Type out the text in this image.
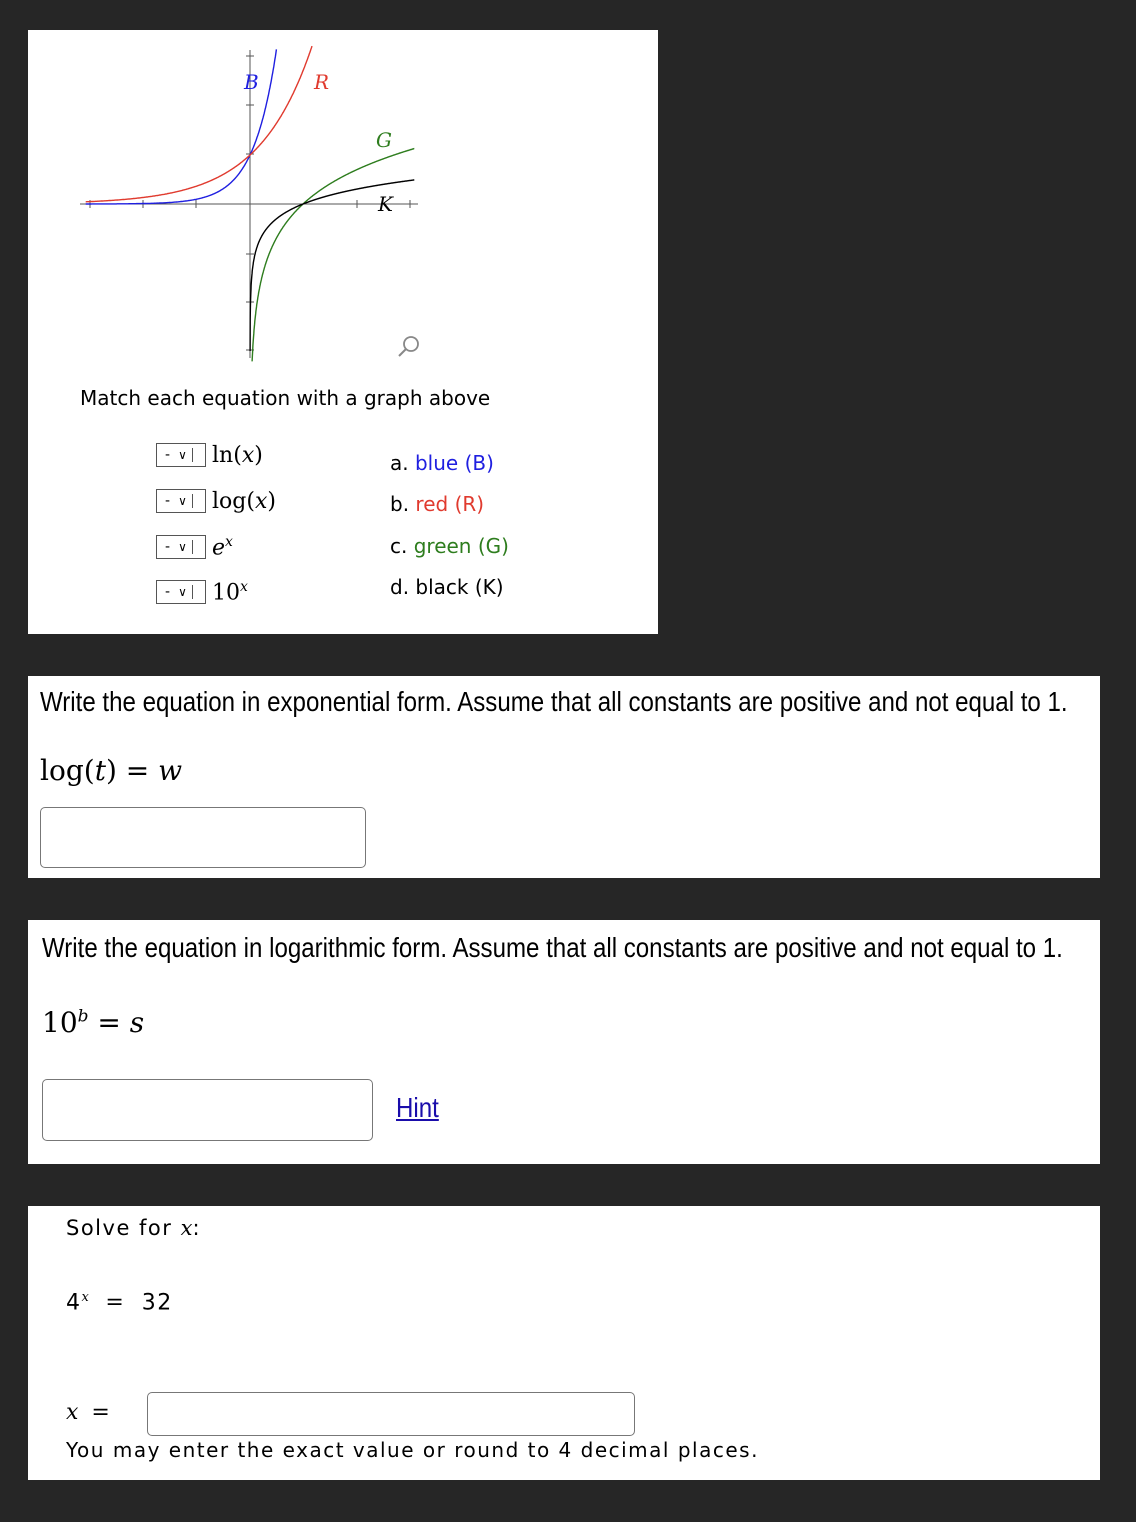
B	R
G
K
Match each equation with a graph above
- ∨ ln(x)
- ∨ log(x)
- ∨ $e^x$
- ∨ 10$^x$
a. blue (B)
b. red (R)
c. green (G)
d. black (K)
Write the equation in exponential form. Assume that all constants are positive and not equal to 1.
log(t) = w
Write the equation in logarithmic form. Assume that all constants are positive and not equal to 1.
$10^b = s$
Hint
Solve for x:
$4^x = 32$
x =
You may enter the exact value or round to 4 decimal places.
